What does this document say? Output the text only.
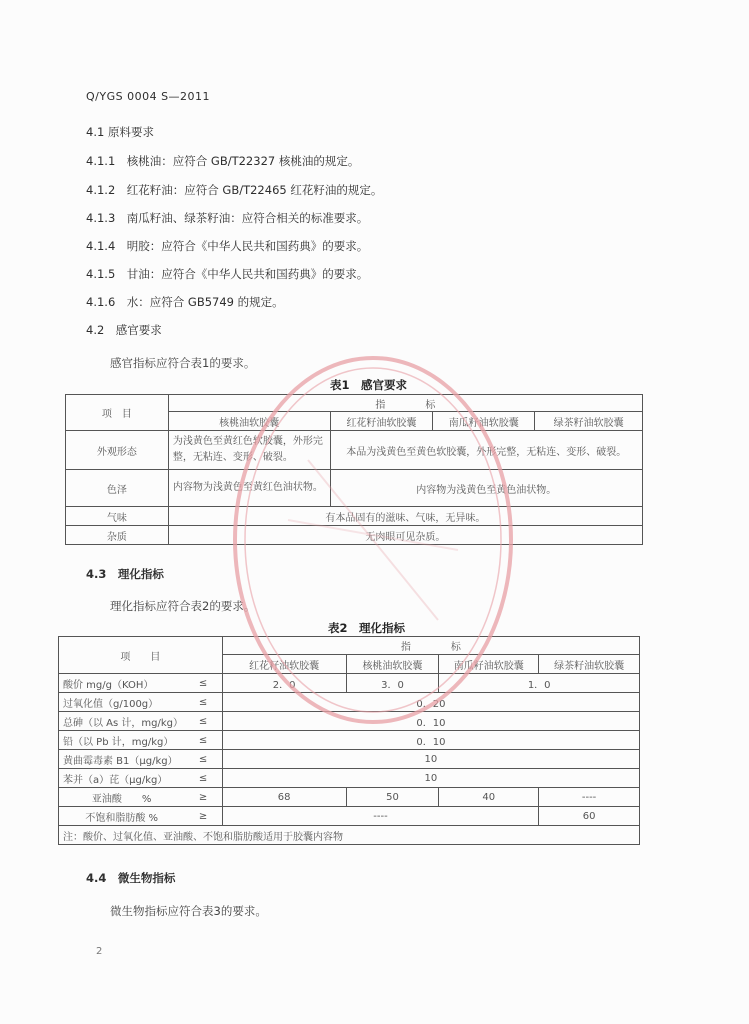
Q/YGS 0004 S—2011
4.1 原料要求
4.1.1　核桃油：应符合 GB/T22327 核桃油的规定。
4.1.2　红花籽油：应符合 GB/T22465 红花籽油的规定。
4.1.3　南瓜籽油、绿茶籽油：应符合相关的标准要求。
4.1.4　明胶：应符合《中华人民共和国药典》的要求。
4.1.5　甘油：应符合《中华人民共和国药典》的要求。
4.1.6　水：应符合 GB5749 的规定。
4.2　感官要求
感官指标应符合表1的要求。
表1　感官要求
项　目	指　　　　标			
	核桃油软胶囊	红花籽油软胶囊	南瓜籽油软胶囊	绿茶籽油软胶囊
外观形态	为浅黄色至黄红色软胶囊，外形完整，无粘连、变形、破裂。	本品为浅黄色至黄色软胶囊，外形完整，无粘连、变形、破裂。		
色泽	内容物为浅黄色至黄红色油状物。	内容物为浅黄色至黄色油状物。		
气味	有本品固有的滋味、气味，无异味。			
杂质	无肉眼可见杂质。			
4.3　理化指标
理化指标应符合表2的要求。
表2　理化指标
项　　目		指　　　　标			
		红花籽油软胶囊	核桃油软胶囊	南瓜籽油软胶囊	绿茶籽油软胶囊
酸价 mg/g（KOH）	≤	2．0	3．0	1．0	
过氧化值（g/100g）	≤	0．20			
总砷（以 As 计，mg/kg）	≤	0．10			
铅（以 Pb 计，mg/kg）	≤	0．10			
黄曲霉毒素 B1（μg/kg）	≤	10			
苯并（a）芘（μg/kg）	≤	10			
亚油酸　　%	≥	68	50	40	----
不饱和脂肪酸 %	≥	----			60
注：酸价、过氧化值、亚油酸、不饱和脂肪酸适用于胶囊内容物					
4.4　微生物指标
微生物指标应符合表3的要求。
2
